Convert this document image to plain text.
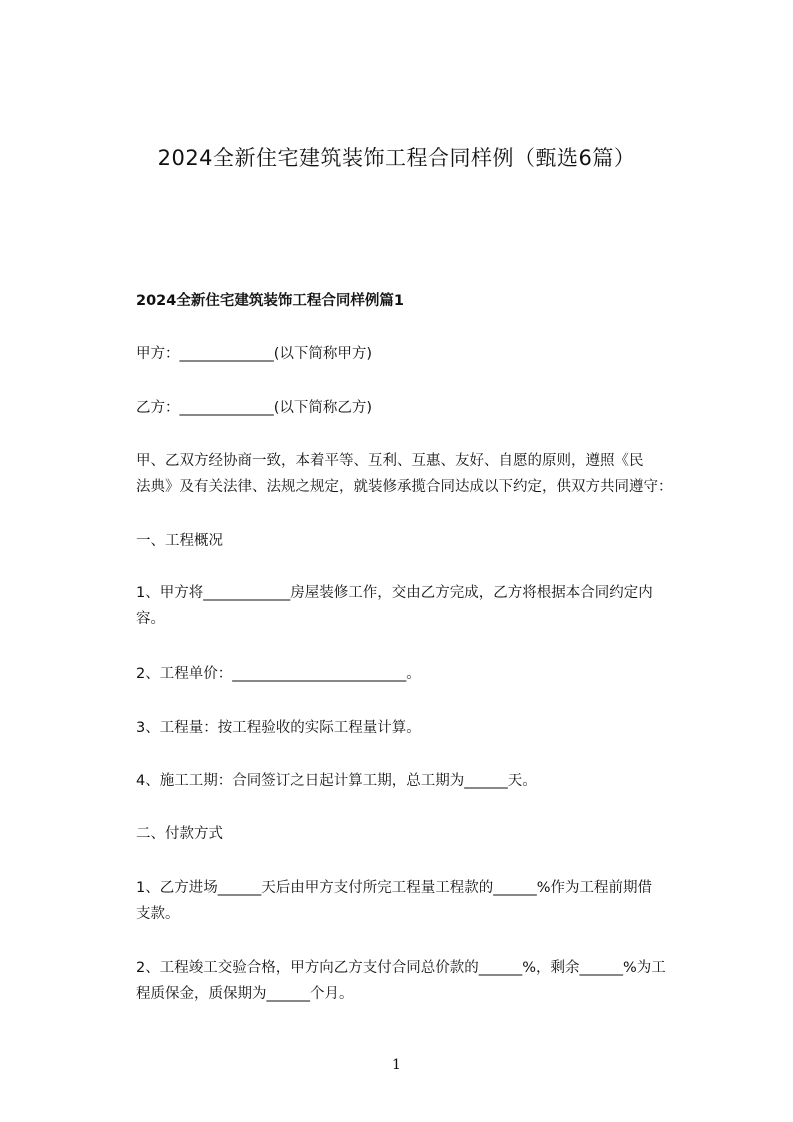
2024全新住宅建筑装饰工程合同样例（甄选6篇）
2024全新住宅建筑装饰工程合同样例篇1
甲方：_____________(以下简称甲方)
乙方：_____________(以下简称乙方)
甲、乙双方经协商一致，本着平等、互利、互惠、友好、自愿的原则，遵照《民
法典》及有关法律、法规之规定，就装修承揽合同达成以下约定，供双方共同遵守：
一、工程概况
1、甲方将____________房屋装修工作，交由乙方完成，乙方将根据本合同约定内
容。
2、工程单价：________________________。
3、工程量：按工程验收的实际工程量计算。
4、施工工期：合同签订之日起计算工期，总工期为______天。
二、付款方式
1、乙方进场______天后由甲方支付所完工程量工程款的______%作为工程前期借
支款。
2、工程竣工交验合格，甲方向乙方支付合同总价款的______%，剩余______%为工
程质保金，质保期为______个月。
1
